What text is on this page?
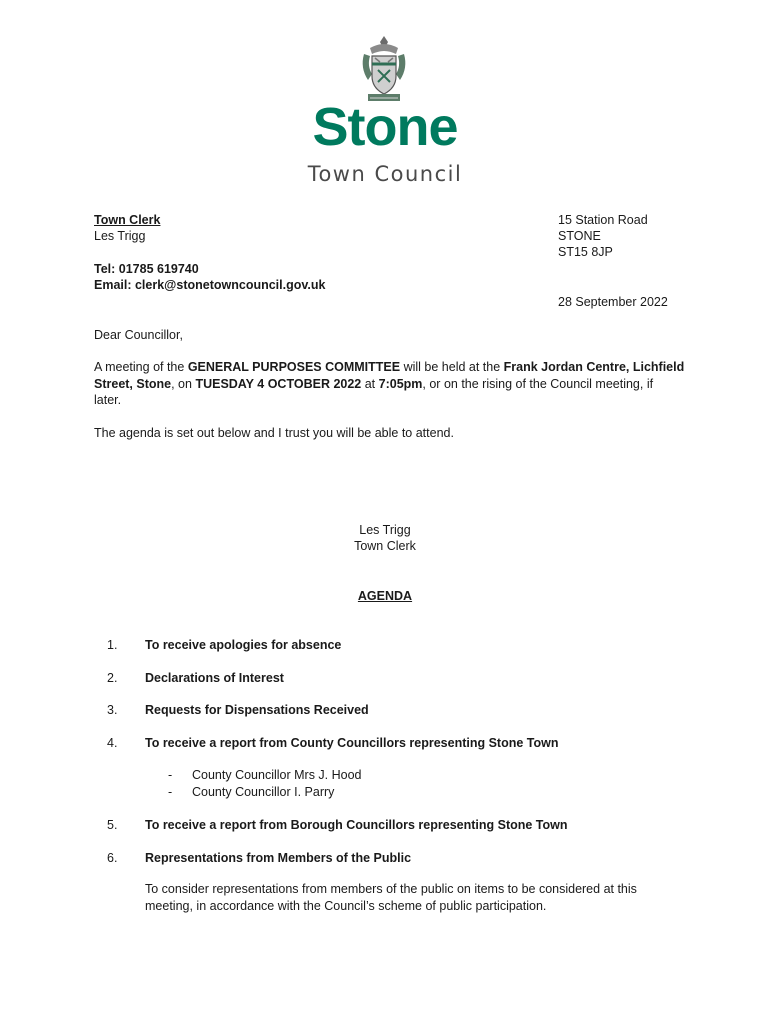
Stone
Town Council
Town Clerk
Les Trigg
Tel: 01785 619740
Email: clerk@stonetowncouncil.gov.uk
15 Station Road
STONE
ST15 8JP
28 September 2022
Dear Councillor,
A meeting of the GENERAL PURPOSES COMMITTEE will be held at the Frank Jordan Centre, Lichfield
Street, Stone, on TUESDAY 4 OCTOBER 2022 at 7:05pm, or on the rising of the Council meeting, if
later.
The agenda is set out below and I trust you will be able to attend.
Les Trigg
Town Clerk
AGENDA
1. To receive apologies for absence
2. Declarations of Interest
3. Requests for Dispensations Received
4. To receive a report from County Councillors representing Stone Town
- County Councillor Mrs J. Hood
- County Councillor I. Parry
5. To receive a report from Borough Councillors representing Stone Town
6. Representations from Members of the Public
To consider representations from members of the public on items to be considered at this
meeting, in accordance with the Council’s scheme of public participation.
